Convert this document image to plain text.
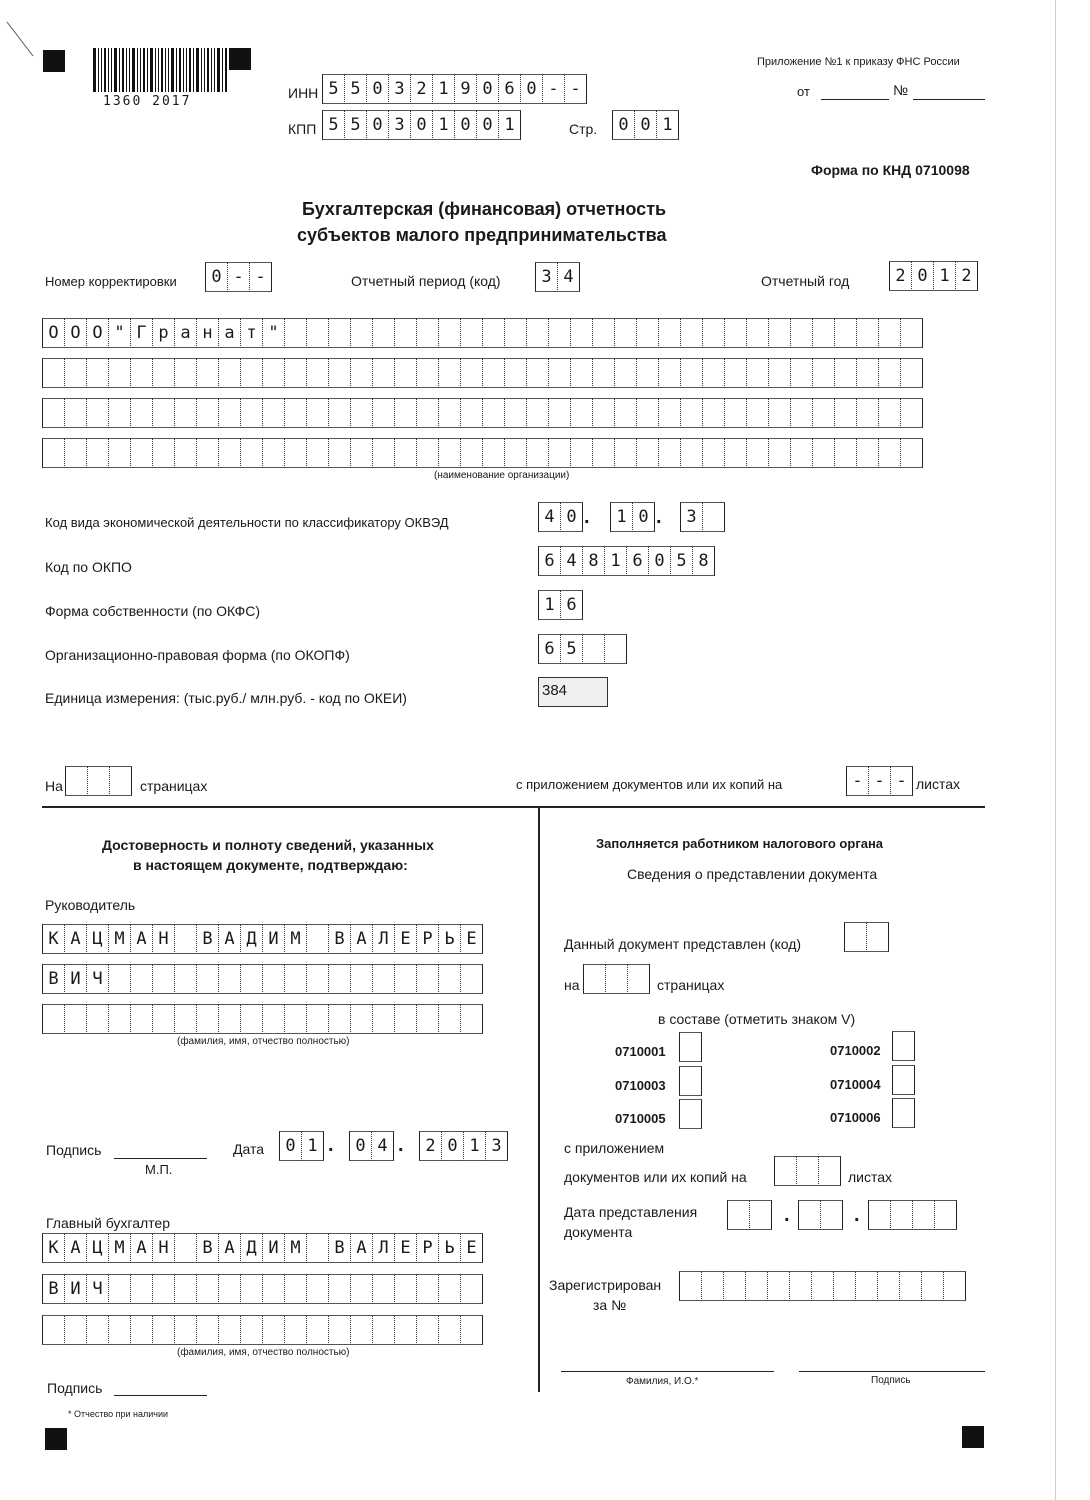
1360 2017
Приложение №1 к приказу ФНС России
от	№
ИНН 5 5 0 3 2 1 9 0 6 0 - -
КПП 5 5 0 3 0 1 0 0 1	Стр.	0 0 1
Форма по КНД 0710098
Бухгалтерская (финансовая) отчетность
субъектов малого предпринимательства
Номер корректировки	0 - -	Отчетный период (код)	3 4	Отчетный год	2 0 1 2
О О О " Г р а н а т "
(наименование организации)
Код вида экономической деятельности по классификатору ОКВЭД	4 0 .	1 0 .	3
Код по ОКПО	6 4 8 1 6 0 5 8
Форма собственности (по ОКФС)	1 6
Организационно-правовая форма (по ОКОПФ)	6 5
Единица измерения: (тыс.руб./ млн.руб. - код по ОКЕИ)	384
На	страницах	с приложением документов или их копий на	- - - листах
Достоверность и полноту сведений, указанных
в настоящем документе, подтверждаю:
Руководитель
К А Ц М А Н	В А Д И М	В А Л Е Р Ь Е
В И Ч
(фамилия, имя, отчество полностью)
Подпись
М.П.
Дата	0 1 .	0 4 .	2 0 1 3
Главный бухгалтер
К А Ц М А Н	В А Д И М	В А Л Е Р Ь Е
В И Ч
(фамилия, имя, отчество полностью)
Подпись
* Отчество при наличии
Заполняется работником налогового органа
Сведения о представлении документа
Данный документ представлен (код)
на	страницах
в составе (отметить знаком V)
0710001	0710002
0710003	0710004
0710005	0710006
с приложением
документов или их копий на	листах
Дата представления
документа
.	.
Зарегистрирован
за №
Фамилия, И.О.*	Подпись
